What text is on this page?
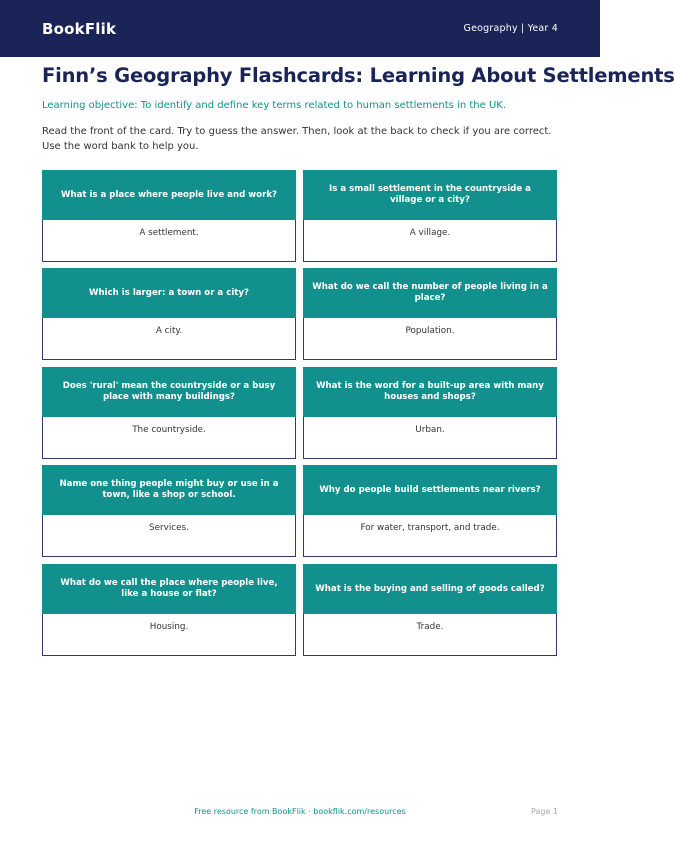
BookFlik	Geography | Year 4
Finn’s Geography Flashcards: Learning About Settlements
Learning objective: To identify and define key terms related to human settlements in the UK.
Read the front of the card. Try to guess the answer. Then, look at the back to check if you are correct. Use the word bank to help you.
What is a place where people live and work?
A settlement.
Is a small settlement in the countryside a village or a city?
A village.
Which is larger: a town or a city?
A city.
What do we call the number of people living in a place?
Population.
Does 'rural' mean the countryside or a busy place with many buildings?
The countryside.
What is the word for a built-up area with many houses and shops?
Urban.
Name one thing people might buy or use in a town, like a shop or school.
Services.
Why do people build settlements near rivers?
For water, transport, and trade.
What do we call the place where people live, like a house or flat?
Housing.
What is the buying and selling of goods called?
Trade.
Free resource from BookFlik · bookflik.com/resources	Page 1
